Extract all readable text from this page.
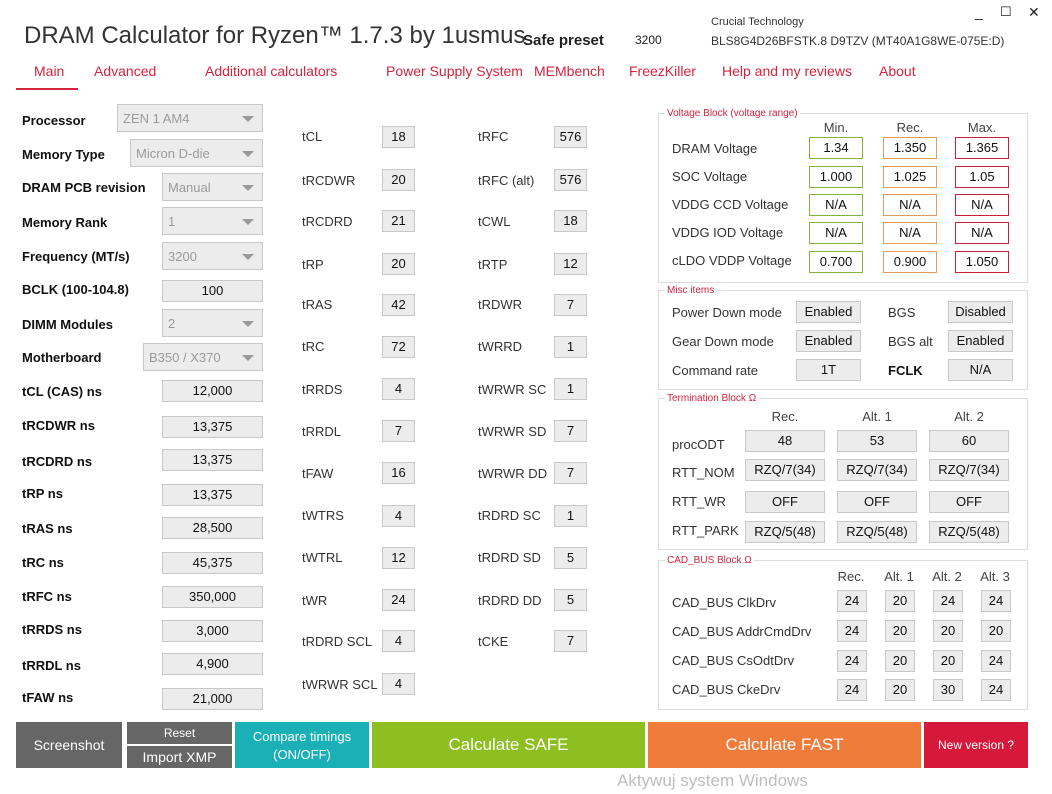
_ ☐ ✕
DRAM Calculator for Ryzen™ 1.7.3 by 1usmus
Safe preset	3200
Crucial Technology
BLS8G4D26BFSTK.8 D9TZV (MT40A1G8WE-075E:D)
Main Advanced	Additional calculators	Power Supply System MEMbench FreezKiller Help and my reviews About
Processor	ZEN 1 AM4
Memory Type	Micron D-die
DRAM PCB revision	Manual
Memory Rank	1
Frequency (MT/s)	3200
BCLK (100-104.8)	100
DIMM Modules	2
Motherboard	B350 / X370
tCL (CAS) ns	12,000
tRCDWR ns	13,375
tRCDRD ns	13,375
tRP ns	13,375
tRAS ns	28,500
tRC ns	45,375
tRFC ns	350,000
tRRDS ns	3,000
tRRDL ns	4,900
tFAW ns	21,000
tCL	18
tRCDWR	20
tRCDRD	21
tRP	20
tRAS	42
tRC	72
tRRDS	4
tRRDL	7
tFAW	16
tWTRS	4
tWTRL	12
tWR	24
tRDRD SCL	4
tWRWR SCL	4
tRFC	576
tRFC (alt)	576
tCWL	18
tRTP	12
tRDWR	7
tWRRD	1
tWRWR SC	1
tWRWR SD	7
tWRWR DD	7
tRDRD SC	1
tRDRD SD	5
tRDRD DD	5
tCKE	7
Voltage Block (voltage range)
Min.	Rec.	Max.
DRAM Voltage	1.34	1.350	1.365
SOC Voltage	1.000	1.025	1.05
VDDG CCD Voltage	N/A	N/A	N/A
VDDG IOD Voltage	N/A	N/A	N/A
cLDO VDDP Voltage	0.700	0.900	1.050
Misc items
Power Down mode	Enabled	BGS	Disabled
Gear Down mode	Enabled	BGS alt	Enabled
Command rate	1T	FCLK	N/A
Termination Block Ω
Rec.	Alt. 1	Alt. 2
procODT	48	53	60
RTT_NOM	RZQ/7(34)	RZQ/7(34)	RZQ/7(34)
RTT_WR	OFF	OFF	OFF
RTT_PARK	RZQ/5(48)	RZQ/5(48)	RZQ/5(48)
CAD_BUS Block Ω
Rec. Alt. 1 Alt. 2 Alt. 3
CAD_BUS ClkDrv	24	20	24	24
CAD_BUS AddrCmdDrv	24	20	20	20
CAD_BUS CsOdtDrv	24	20	20	24
CAD_BUS CkeDrv	24	20	30	24
Screenshot
Reset
Import XMP
Compare timings (ON/OFF)
Calculate SAFE	Calculate FAST	New version ?
Aktywuj system Windows
